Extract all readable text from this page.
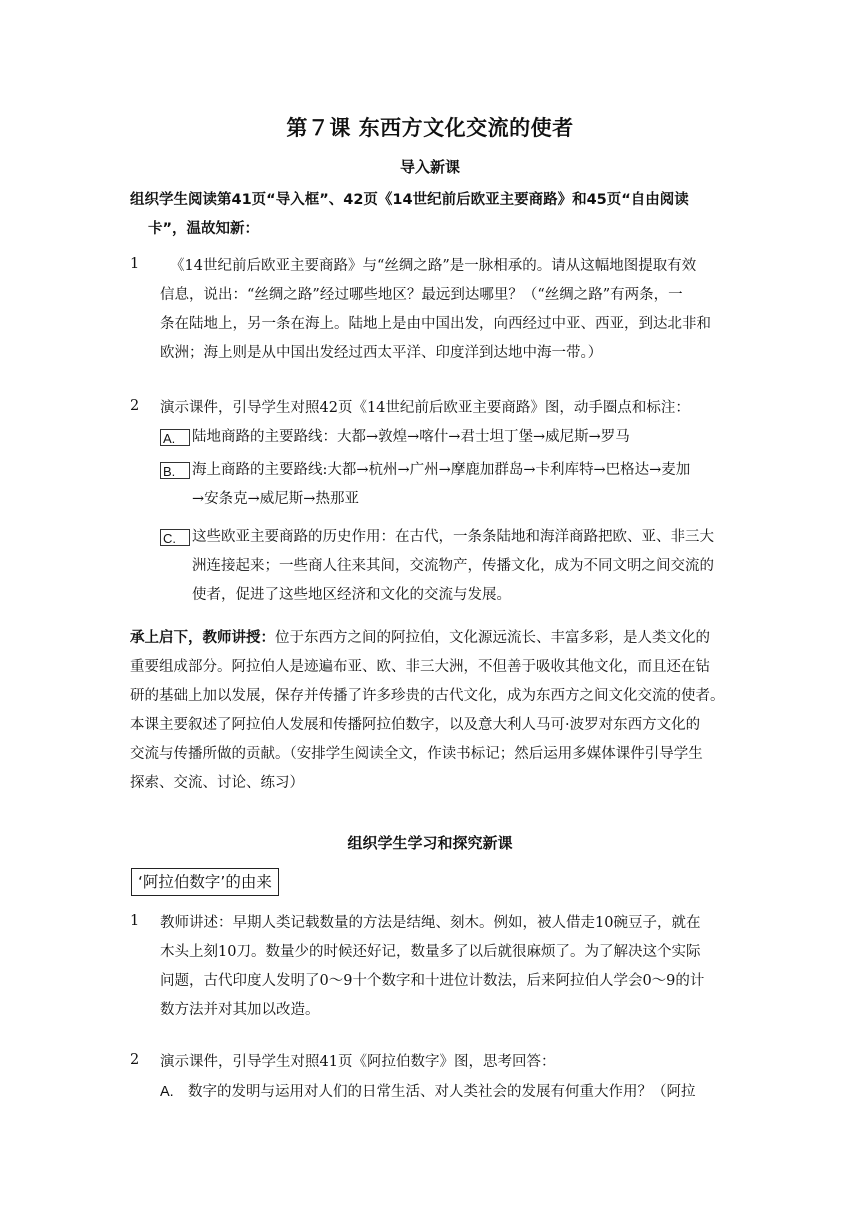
第７课 东西方文化交流的使者
导入新课
组织学生阅读第41页“导入框”、42页《14世纪前后欧亚主要商路》和45页“自由阅读
卡”，温故知新：
1	《14世纪前后欧亚主要商路》与“丝绸之路”是一脉相承的。请从这幅地图提取有效
信息，说出：“丝绸之路”经过哪些地区？最远到达哪里？（“丝绸之路”有两条，一
条在陆地上，另一条在海上。陆地上是由中国出发，向西经过中亚、西亚，到达北非和
欧洲；海上则是从中国出发经过西太平洋、印度洋到达地中海一带。）
2	演示课件，引导学生对照42页《14世纪前后欧亚主要商路》图，动手圈点和标注：
A. 陆地商路的主要路线：大都→敦煌→喀什→君士坦丁堡→威尼斯→罗马
B. 海上商路的主要路线:大都→杭州→广州→摩鹿加群岛→卡利库特→巴格达→麦加
→安条克→威尼斯→热那亚
C. 这些欧亚主要商路的历史作用：在古代，一条条陆地和海洋商路把欧、亚、非三大
洲连接起来；一些商人往来其间，交流物产，传播文化，成为不同文明之间交流的
使者，促进了这些地区经济和文化的交流与发展。
承上启下，教师讲授：位于东西方之间的阿拉伯，文化源远流长、丰富多彩，是人类文化的
重要组成部分。阿拉伯人是迹遍布亚、欧、非三大洲，不但善于吸收其他文化，而且还在钻
研的基础上加以发展，保存并传播了许多珍贵的古代文化，成为东西方之间文化交流的使者。
本课主要叙述了阿拉伯人发展和传播阿拉伯数字，以及意大利人马可·波罗对东西方文化的
交流与传播所做的贡献。（安排学生阅读全文，作读书标记；然后运用多媒体课件引导学生
探索、交流、讨论、练习）
组织学生学习和探究新课
‘阿拉伯数字’的由来
1	教师讲述：早期人类记载数量的方法是结绳、刻木。例如，被人借走10碗豆子，就在
木头上刻10刀。数量少的时候还好记，数量多了以后就很麻烦了。为了解决这个实际
问题，古代印度人发明了0～9十个数字和十进位计数法，后来阿拉伯人学会0～9的计
数方法并对其加以改造。
2	演示课件，引导学生对照41页《阿拉伯数字》图，思考回答：
A. 数字的发明与运用对人们的日常生活、对人类社会的发展有何重大作用？（阿拉
